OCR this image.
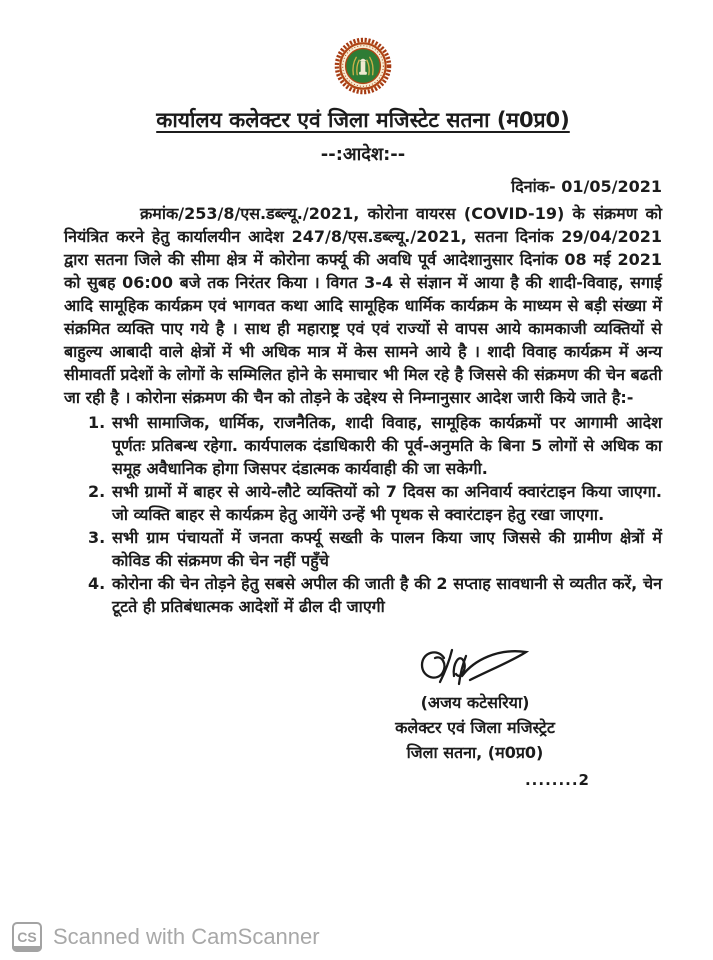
कार्यालय कलेक्टर एवं जिला मजिस्टेट सतना (म0प्र0)
--:आदेश:--
दिनांक- 01/05/2021
क्रमांक/253/8/एस.डब्ल्यू./2021, कोरोना वायरस (COVID-19) के संक्रमण को नियंत्रित करने हेतु कार्यालयीन आदेश 247/8/एस.डब्ल्यू./2021, सतना दिनांक 29/04/2021 द्वारा सतना जिले की सीमा क्षेत्र में कोरोना कर्फ्यू की अवधि पूर्व आदेशानुसार दिनांक 08 मई 2021 को सुबह 06:00 बजे तक निरंतर किया । विगत 3-4 से संज्ञान में आया है की शादी-विवाह, सगाई आदि सामूहिक कार्यक्रम एवं भागवत कथा आदि सामूहिक धार्मिक कार्यक्रम के माध्यम से बड़ी संख्या में संक्रमित व्यक्ति पाए गये है । साथ ही महाराष्ट्र एवं एवं राज्यों से वापस आये कामकाजी व्यक्तियों से बाहुल्य आबादी वाले क्षेत्रों में भी अधिक मात्र में केस सामने आये है । शादी विवाह कार्यक्रम में अन्य सीमावर्ती प्रदेशों के लोगों के सम्मिलित होने के समाचार भी मिल रहे है जिससे की संक्रमण की चेन बढती जा रही है । कोरोना संक्रमण की चैन को तोड़ने के उद्देश्य से निम्नानुसार आदेश जारी किये जाते है:-
1. सभी सामाजिक, धार्मिक, राजनैतिक, शादी विवाह, सामूहिक कार्यक्रमों पर आगामी आदेश पूर्णतः प्रतिबन्ध रहेगा. कार्यपालक दंडाधिकारी की पूर्व-अनुमति के बिना 5 लोगों से अधिक का समूह अवैधानिक होगा जिसपर दंडात्मक कार्यवाही की जा सकेगी.
2. सभी ग्रामों में बाहर से आये-लौटे व्यक्तियों को 7 दिवस का अनिवार्य क्वारंटाइन किया जाएगा. जो व्यक्ति बाहर से कार्यक्रम हेतु आयेंगे उन्हें भी पृथक से क्वारंटाइन हेतु रखा जाएगा.
3. सभी ग्राम पंचायतों में जनता कर्फ्यू सख्ती के पालन किया जाए जिससे की ग्रामीण क्षेत्रों में कोविड की संक्रमण की चेन नहीं पहुँचे
4. कोरोना की चेन तोड़ने हेतु सबसे अपील की जाती है की 2 सप्ताह सावधानी से व्यतीत करें, चेन टूटते ही प्रतिबंधात्मक आदेशों में ढील दी जाएगी
(अजय कटेसरिया)
कलेक्टर एवं जिला मजिस्ट्रेट
जिला सतना, (म0प्र0)
........2
CS Scanned with CamScanner
